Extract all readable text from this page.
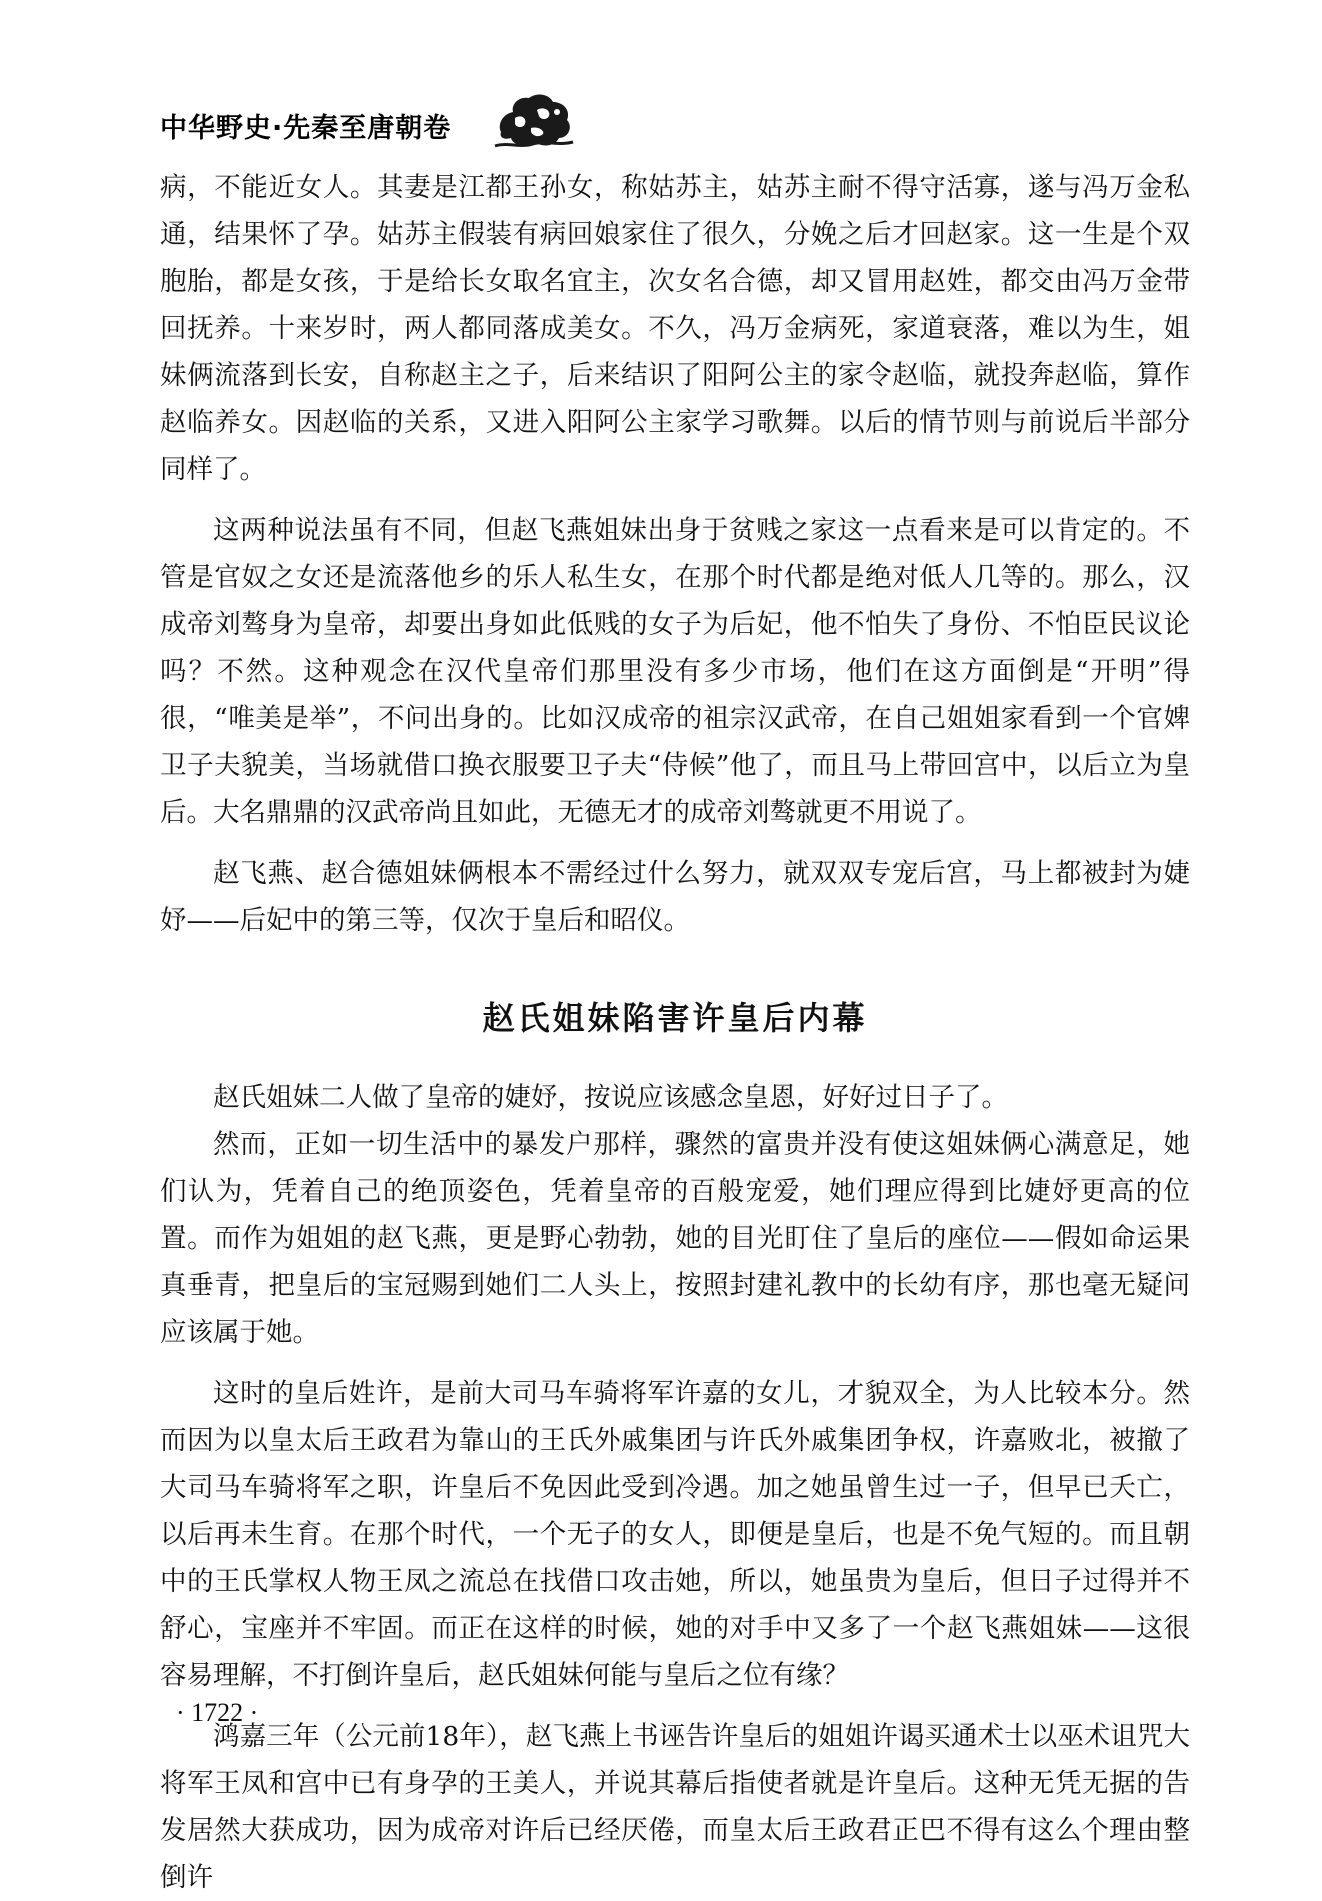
中华野史·先秦至唐朝卷

病，不能近女人。其妻是江都王孙女，称姑苏主，姑苏主耐不得守活寡，遂与冯万金私通，结果怀了孕。姑苏主假装有病回娘家住了很久，分娩之后才回赵家。这一生是个双胞胎，都是女孩，于是给长女取名宜主，次女名合德，却又冒用赵姓，都交由冯万金带回抚养。十来岁时，两人都同落成美女。不久，冯万金病死，家道衰落，难以为生，姐妹俩流落到长安，自称赵主之子，后来结识了阳阿公主的家令赵临，就投奔赵临，算作赵临养女。因赵临的关系，又进入阳阿公主家学习歌舞。以后的情节则与前说后半部分同样了。

这两种说法虽有不同，但赵飞燕姐妹出身于贫贱之家这一点看来是可以肯定的。不管是官奴之女还是流落他乡的乐人私生女，在那个时代都是绝对低人几等的。那么，汉成帝刘骜身为皇帝，却要出身如此低贱的女子为后妃，他不怕失了身份、不怕臣民议论吗？不然。这种观念在汉代皇帝们那里没有多少市场，他们在这方面倒是“开明”得很，“唯美是举”，不问出身的。比如汉成帝的祖宗汉武帝，在自己姐姐家看到一个官婢卫子夫貌美，当场就借口换衣服要卫子夫“侍候”他了，而且马上带回宫中，以后立为皇后。大名鼎鼎的汉武帝尚且如此，无德无才的成帝刘骜就更不用说了。

赵飞燕、赵合德姐妹俩根本不需经过什么努力，就双双专宠后宫，马上都被封为婕妤——后妃中的第三等，仅次于皇后和昭仪。

赵氏姐妹陷害许皇后内幕

赵氏姐妹二人做了皇帝的婕妤，按说应该感念皇恩，好好过日子了。

然而，正如一切生活中的暴发户那样，骤然的富贵并没有使这姐妹俩心满意足，她们认为，凭着自己的绝顶姿色，凭着皇帝的百般宠爱，她们理应得到比婕妤更高的位置。而作为姐姐的赵飞燕，更是野心勃勃，她的目光盯住了皇后的座位——假如命运果真垂青，把皇后的宝冠赐到她们二人头上，按照封建礼教中的长幼有序，那也毫无疑问应该属于她。

这时的皇后姓许，是前大司马车骑将军许嘉的女儿，才貌双全，为人比较本分。然而因为以皇太后王政君为靠山的王氏外戚集团与许氏外戚集团争权，许嘉败北，被撤了大司马车骑将军之职，许皇后不免因此受到冷遇。加之她虽曾生过一子，但早已夭亡，以后再未生育。在那个时代，一个无子的女人，即便是皇后，也是不免气短的。而且朝中的王氏掌权人物王凤之流总在找借口攻击她，所以，她虽贵为皇后，但日子过得并不舒心，宝座并不牢固。而正在这样的时候，她的对手中又多了一个赵飞燕姐妹——这很容易理解，不打倒许皇后，赵氏姐妹何能与皇后之位有缘？

鸿嘉三年（公元前18年），赵飞燕上书诬告许皇后的姐姐许谒买通术士以巫术诅咒大将军王凤和宫中已有身孕的王美人，并说其幕后指使者就是许皇后。这种无凭无据的告发居然大获成功，因为成帝对许后已经厌倦，而皇太后王政君正巴不得有这么个理由整倒许

· 1722 ·
